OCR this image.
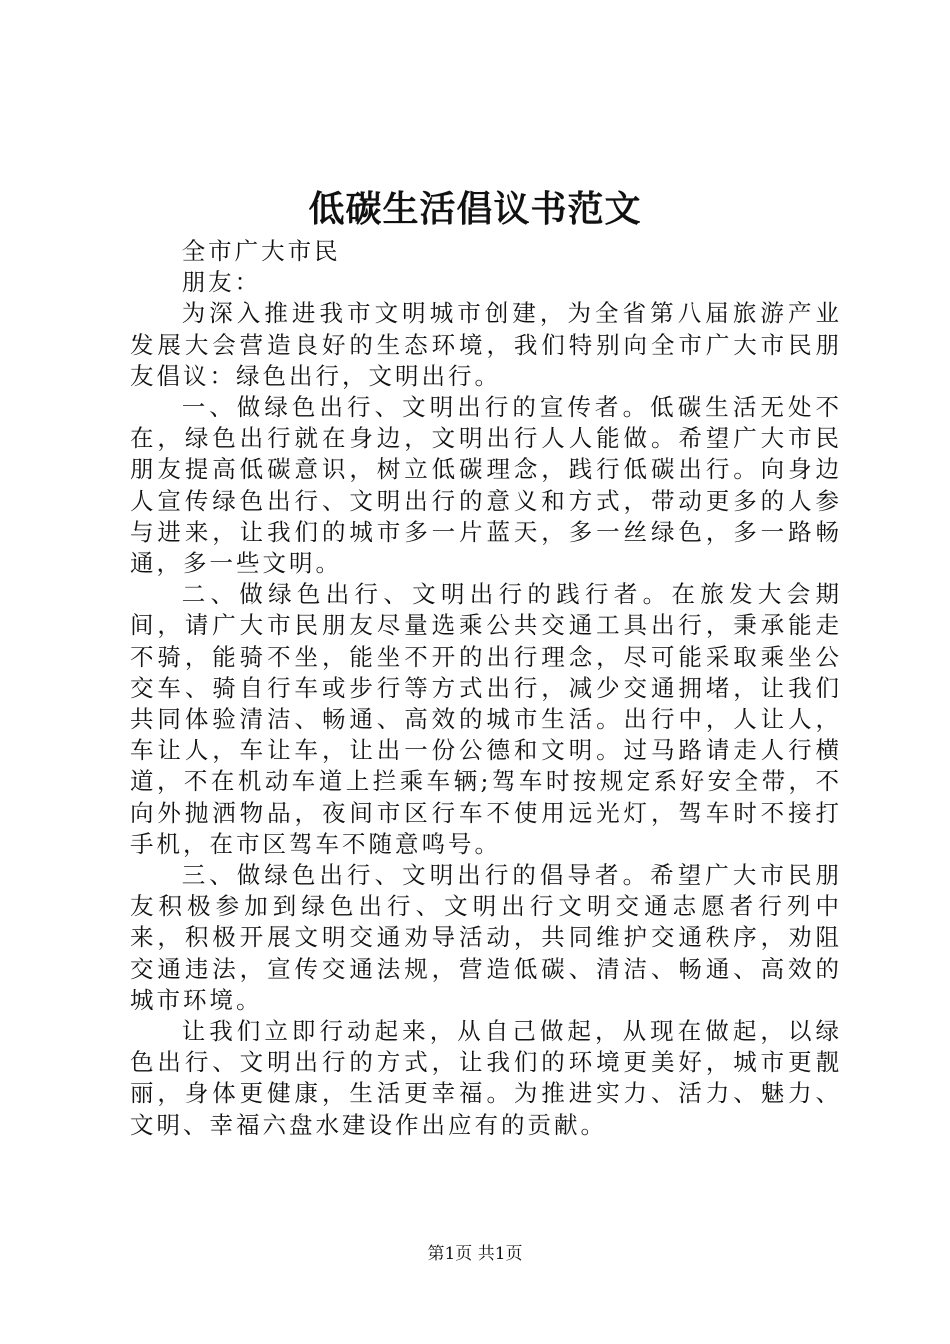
低碳生活倡议书范文

全市广大市民

朋友：

为深入推进我市文明城市创建，为全省第八届旅游产业发展大会营造良好的生态环境，我们特别向全市广大市民朋友倡议：绿色出行，文明出行。

一、做绿色出行、文明出行的宣传者。低碳生活无处不在，绿色出行就在身边，文明出行人人能做。希望广大市民朋友提高低碳意识，树立低碳理念，践行低碳出行。向身边人宣传绿色出行、文明出行的意义和方式，带动更多的人参与进来，让我们的城市多一片蓝天，多一丝绿色，多一路畅通，多一些文明。

二、做绿色出行、文明出行的践行者。在旅发大会期间，请广大市民朋友尽量选乘公共交通工具出行，秉承能走不骑，能骑不坐，能坐不开的出行理念，尽可能采取乘坐公交车、骑自行车或步行等方式出行，减少交通拥堵，让我们共同体验清洁、畅通、高效的城市生活。出行中，人让人，车让人，车让车，让出一份公德和文明。过马路请走人行横道，不在机动车道上拦乘车辆;驾车时按规定系好安全带，不向外抛洒物品，夜间市区行车不使用远光灯，驾车时不接打手机，在市区驾车不随意鸣号。

三、做绿色出行、文明出行的倡导者。希望广大市民朋友积极参加到绿色出行、文明出行文明交通志愿者行列中来，积极开展文明交通劝导活动，共同维护交通秩序，劝阻交通违法，宣传交通法规，营造低碳、清洁、畅通、高效的城市环境。

让我们立即行动起来，从自己做起，从现在做起，以绿色出行、文明出行的方式，让我们的环境更美好，城市更靓丽，身体更健康，生活更幸福。为推进实力、活力、魅力、文明、幸福六盘水建设作出应有的贡献。

第1页 共1页
